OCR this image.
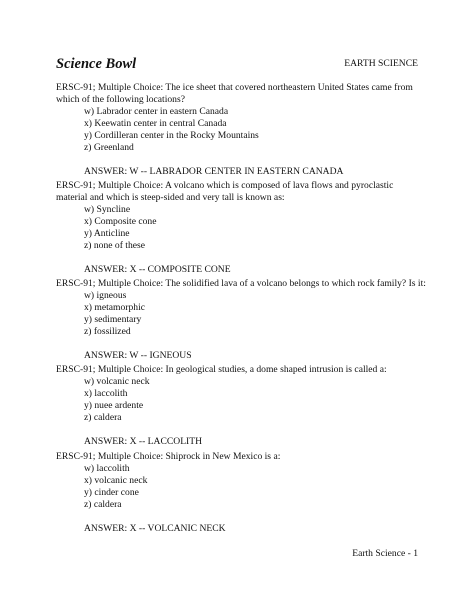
Science Bowl	EARTH SCIENCE

ERSC-91; Multiple Choice: The ice sheet that covered northeastern United States came from which of the following locations?

w) Labrador center in eastern Canada
x) Keewatin center in central Canada
y) Cordilleran center in the Rocky Mountains
z) Greenland
ANSWER: W -- LABRADOR CENTER IN EASTERN CANADA

ERSC-91; Multiple Choice: A volcano which is composed of lava flows and pyroclastic material and which is steep-sided and very tall is known as:

w) Syncline
x) Composite cone
y) Anticline
z) none of these
ANSWER: X -- COMPOSITE CONE

ERSC-91; Multiple Choice: The solidified lava of a volcano belongs to which rock family? Is it:

w) igneous
x) metamorphic
y) sedimentary
z) fossilized
ANSWER: W -- IGNEOUS

ERSC-91; Multiple Choice: In geological studies, a dome shaped intrusion is called a:

w) volcanic neck
x) laccolith
y) nuee ardente
z) caldera
ANSWER: X -- LACCOLITH

ERSC-91; Multiple Choice: Shiprock in New Mexico is a:

w) laccolith
x) volcanic neck
y) cinder cone
z) caldera
ANSWER: X -- VOLCANIC NECK
Earth Science - 1
